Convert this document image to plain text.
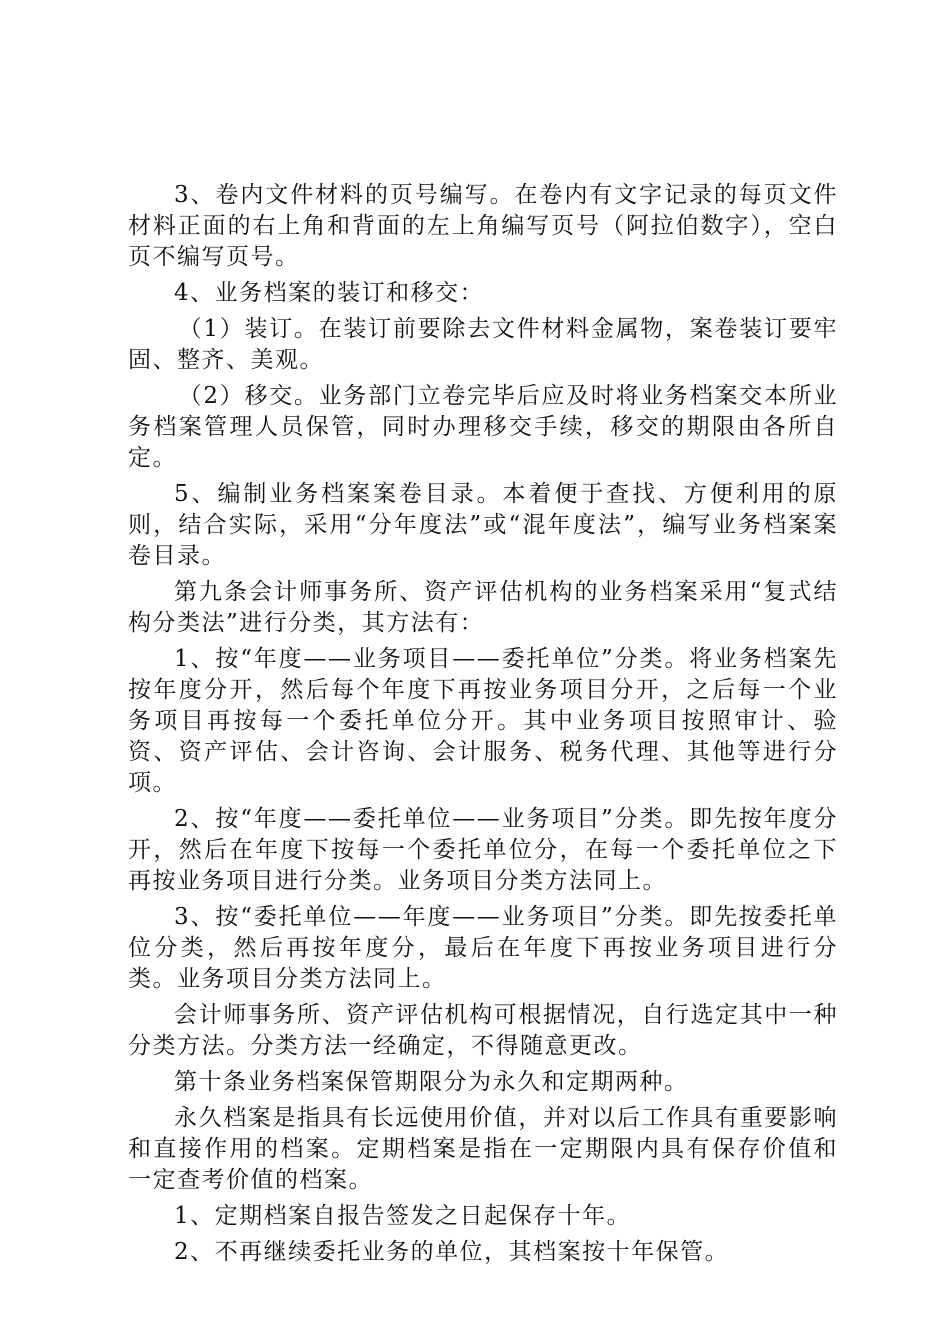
3、卷内文件材料的页号编写。在卷内有文字记录的每页文件材料正面的右上角和背面的左上角编写页号（阿拉伯数字），空白页不编写页号。

4、业务档案的装订和移交：

（1）装订。在装订前要除去文件材料金属物，案卷装订要牢固、整齐、美观。

（2）移交。业务部门立卷完毕后应及时将业务档案交本所业务档案管理人员保管，同时办理移交手续，移交的期限由各所自定。

5、编制业务档案案卷目录。本着便于查找、方便利用的原则，结合实际，采用“分年度法”或“混年度法”，编写业务档案案卷目录。

第九条会计师事务所、资产评估机构的业务档案采用“复式结构分类法”进行分类，其方法有：

1、按“年度——业务项目——委托单位”分类。将业务档案先按年度分开，然后每个年度下再按业务项目分开，之后每一个业务项目再按每一个委托单位分开。其中业务项目按照审计、验资、资产评估、会计咨询、会计服务、税务代理、其他等进行分项。

2、按“年度——委托单位——业务项目”分类。即先按年度分开，然后在年度下按每一个委托单位分，在每一个委托单位之下再按业务项目进行分类。业务项目分类方法同上。

3、按“委托单位——年度——业务项目”分类。即先按委托单位分类，然后再按年度分，最后在年度下再按业务项目进行分类。业务项目分类方法同上。

会计师事务所、资产评估机构可根据情况，自行选定其中一种分类方法。分类方法一经确定，不得随意更改。

第十条业务档案保管期限分为永久和定期两种。

永久档案是指具有长远使用价值，并对以后工作具有重要影响和直接作用的档案。定期档案是指在一定期限内具有保存价值和一定查考价值的档案。

1、定期档案自报告签发之日起保存十年。

2、不再继续委托业务的单位，其档案按十年保管。
